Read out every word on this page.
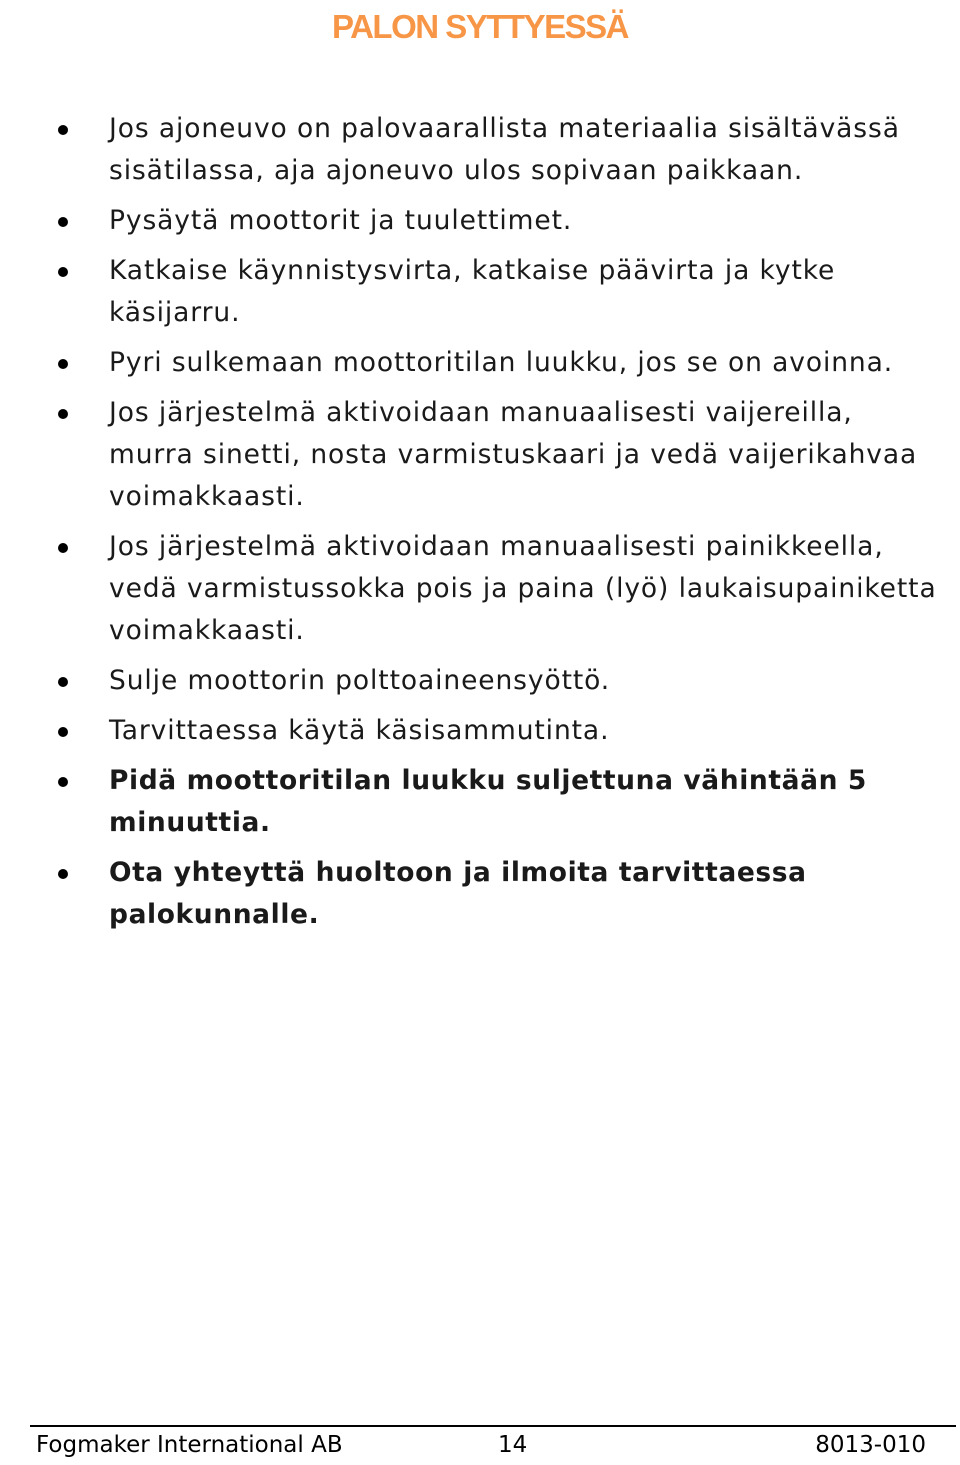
PALON SYTTYESSÄ
Jos ajoneuvo on palovaarallista materiaalia sisältävässä sisätilassa, aja ajoneuvo ulos sopivaan paikkaan.
Pysäytä moottorit ja tuulettimet.
Katkaise käynnistysvirta, katkaise päävirta ja kytke käsijarru.
Pyri sulkemaan moottoritilan luukku, jos se on avoinna.
Jos järjestelmä aktivoidaan manuaalisesti vaijereilla, murra sinetti, nosta varmistuskaari ja vedä vaijerikahvaa voimakkaasti.
Jos järjestelmä aktivoidaan manuaalisesti painikkeella, vedä varmistussokka pois ja paina (lyö) laukaisupainiketta voimakkaasti.
Sulje moottorin polttoaineensyöttö.
Tarvittaessa käytä käsisammutinta.
Pidä moottoritilan luukku suljettuna vähintään 5 minuuttia.
Ota yhteyttä huoltoon ja ilmoita tarvittaessa palokunnalle.
Fogmaker International AB	14	8013-010
